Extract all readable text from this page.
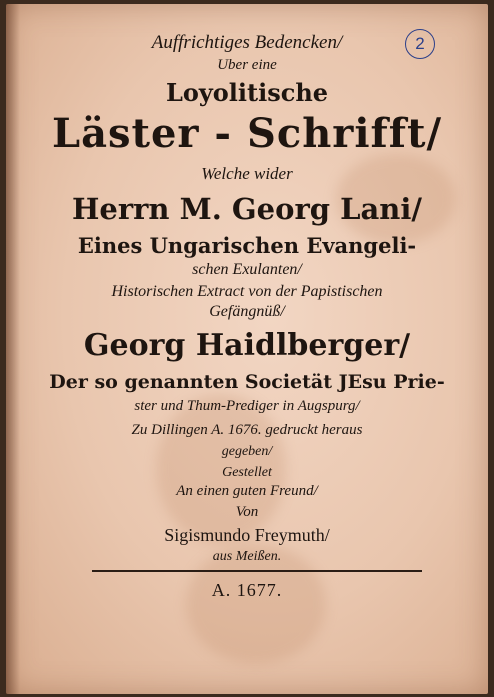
2
Auffrichtiges Bedencken/
Uber eine
Loyolitische
Läster - Schrifft/
Welche wider
Herrn M. Georg Lani/
Eines Ungarischen Evangeli-
schen Exulanten/
Historischen Extract von der Papistischen
Gefängnüß/
Georg Haidlberger/
Der so genannten Societät JEsu Prie-
ster und Thum-Prediger in Augspurg/
Zu Dillingen A. 1676. gedruckt heraus
gegeben/
Gestellet
An einen guten Freund/
Von
Sigismundo Freymuth/
aus Meißen.
A. 1677.
